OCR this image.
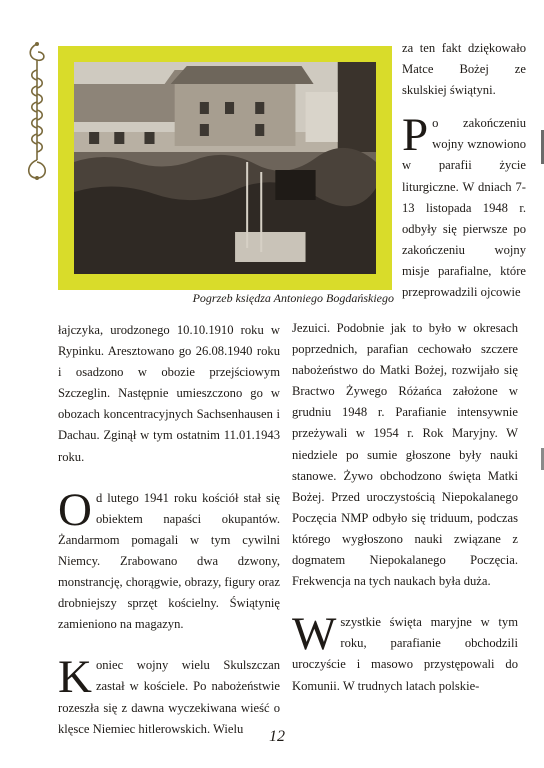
Pogrzeb księdza Antoniego Bogdańskiego

za ten fakt dziękowało Matce Bożej ze skulskiej świątyni.

Po zakończeniu wojny wznowiono w parafii życie liturgiczne. W dniach 7-13 listopada 1948 r. odbyły się pierwsze po zakończeniu wojny misje parafialne, które przeprowadzili ojcowie

łajczyka, urodzonego 10.10.1910 roku w Rypinku. Aresztowano go 26.08.1940 roku i osadzono w obozie przejściowym Szczeglin. Następnie umieszczono go w obozach koncentracyjnych Sachsenhausen i Dachau. Zginął w tym ostatnim 11.01.1943 roku.

Od lutego 1941 roku kościół stał się obiektem napaści okupantów. Żandarmom pomagali w tym cywilni Niemcy. Zrabowano dwa dzwony, monstrancję, chorągwie, obrazy, figury oraz drobniejszy sprzęt kościelny. Świątynię zamieniono na magazyn.

Koniec wojny wielu Skulszczan zastał w kościele. Po nabożeństwie rozeszła się z dawna wyczekiwana wieść o klęsce Niemiec hitlerowskich. Wielu

Jezuici. Podobnie jak to było w okresach poprzednich, parafian cechowało szczere nabożeństwo do Matki Bożej, rozwijało się Bractwo Żywego Różańca założone w grudniu 1948 r. Parafianie intensywnie przeżywali w 1954 r. Rok Maryjny. W niedziele po sumie głoszone były nauki stanowe. Żywo obchodzono święta Matki Bożej. Przed uroczystością Niepokalanego Poczęcia NMP odbyło się triduum, podczas którego wygłoszono nauki związane z dogmatem Niepokalanego Poczęcia. Frekwencja na tych naukach była duża.

Wszystkie święta maryjne w tym roku, parafianie obchodzili uroczyście i masowo przystępowali do Komunii. W trudnych latach polskie-

12
